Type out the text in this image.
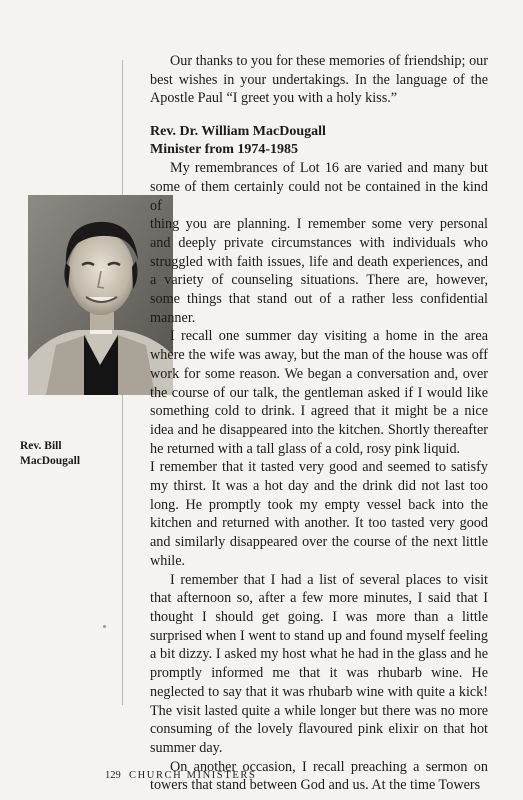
Rev. Bill
MacDougall

Our thanks to you for these memories of friendship; our best wishes in your undertakings. In the language of the Apostle Paul “I greet you with a holy kiss.”

Rev. Dr. William MacDougall

Minister from 1974-1985

My remembrances of Lot 16 are varied and many but some of them certainly could not be contained in the kind of

thing you are planning. I remember some very personal and deeply private circumstances with individuals who struggled with faith issues, life and death experiences, and a variety of counseling situations. There are, however, some things that stand out of a rather less confidential manner.

I recall one summer day visiting a home in the area where the wife was away, but the man of the house was off work for some reason. We began a conversation and, over the course of our talk, the gentleman asked if I would like something cold to drink. I agreed that it might be a nice idea and he disappeared into the kitchen. Shortly thereafter he returned with a tall glass of a cold, rosy pink liquid.

I remember that it tasted very good and seemed to satisfy my thirst. It was a hot day and the drink did not last too long. He promptly took my empty vessel back into the kitchen and returned with another. It too tasted very good and similarly disappeared over the course of the next little while.

I remember that I had a list of several places to visit that afternoon so, after a few more minutes, I said that I thought I should get going. I was more than a little surprised when I went to stand up and found myself feeling a bit dizzy. I asked my host what he had in the glass and he promptly informed me that it was rhubarb wine. He neglected to say that it was rhubarb wine with quite a kick! The visit lasted quite a while longer but there was no more consuming of the lovely flavoured pink elixir on that hot summer day.

On another occasion, I recall preaching a sermon on towers that stand between God and us. At the time Towers

129 CHURCH MINISTERS
